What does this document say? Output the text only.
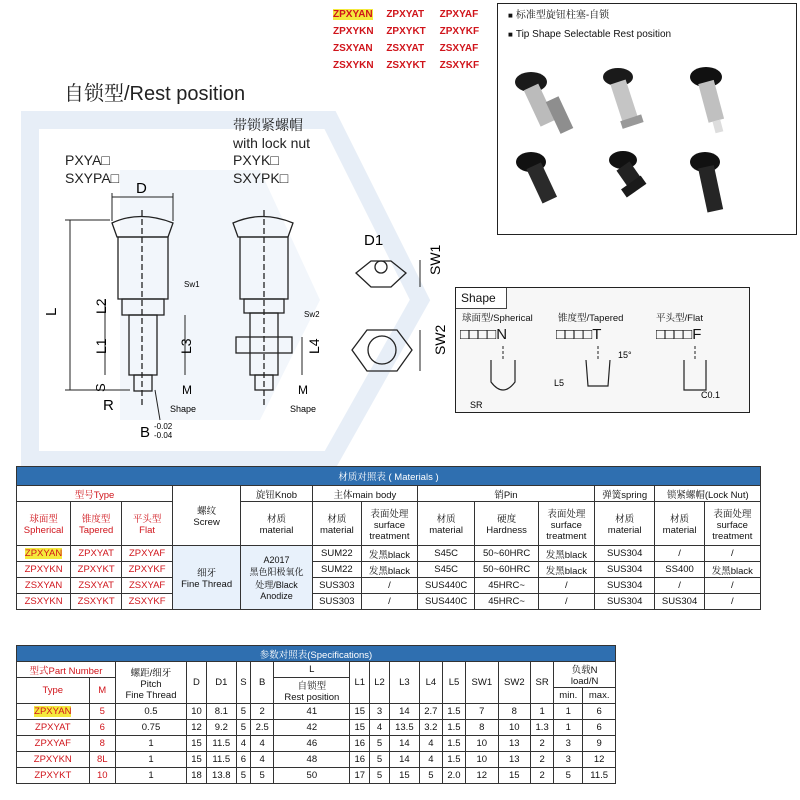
ZPXYAN	ZPXYAT	ZPXYAF
ZPXYKN	ZPXYKT	ZPXYKF
ZSXYAN	ZSXYAT	ZSXYAF
ZSXYKN	ZSXYKT	ZSXYKF
■ 标准型旋钮柱塞-自锁
■ Tip Shape Selectable Rest position
自锁型/Rest position
带锁紧螺帽
with lock nut
PXYA□
SXYPA□
PXYK□
SXYPK□
D
L L2
L1	L3	L4
S
R
M	M
B -0.02
-0.04
Sw1
Sw2
Shape	Shape
D1
SW1
SW2
Shape
球面型/Spherical	锥度型/Tapered	平头型/Flat
□□□□N	□□□□T	□□□□F
SR
L5
15°
C0.1
材质对照表 ( Materials )												
型号Type			螺纹
Screw	旋钮Knob	主体main body		销Pin			弹簧spring	锁紧螺帽(Lock Nut)	
球面型
Spherical	锥度型
Tapered	平头型
Flat		材质
material	材质
material	表面处理
surface
treatment	材质
material	硬度
Hardness	表面处理
surface
treatment	材质
material	材质
material	表面处理
surface
treatment
ZPXYAN	ZPXYAT	ZPXYAF	细牙
Fine Thread	A2017
黑色阳极氧化
处理/Black
Anodize	SUM22	发黑black	S45C	50~60HRC	发黑black	SUS304	/	/
ZPXYKN	ZPXYKT	ZPXYKF			SUM22	发黑black	S45C	50~60HRC	发黑black	SUS304	SS400	发黑black
ZSXYAN	ZSXYAT	ZSXYAF			SUS303	/	SUS440C	45HRC~	/	SUS304	/	/
ZSXYKN	ZSXYKT	ZSXYKF			SUS303	/	SUS440C	45HRC~	/	SUS304	SUS304	/
参数对照表(Specifications)																	
型式Part Number		螺距/细牙
Pitch
Fine Thread	D	D1	S	B	L	L1	L2	L3	L4	L5	SW1	SW2	SR	负载N
load/N	
Type	M						自锁型
Rest position										
																min.	max.
ZPXYAN	5	0.5	10	8.1	5	2	41	15	3	14	2.7	1.5	7	8	1	1	6
ZPXYAT	6	0.75	12	9.2	5	2.5	42	15	4	13.5	3.2	1.5	8	10	1.3	1	6
ZPXYAF	8	1	15	11.5	4	4	46	16	5	14	4	1.5	10	13	2	3	9
ZPXYKN	8L	1	15	11.5	6	4	48	16	5	14	4	1.5	10	13	2	3	12
ZPXYKT	10	1	18	13.8	5	5	50	17	5	15	5	2.0	12	15	2	5	11.5
